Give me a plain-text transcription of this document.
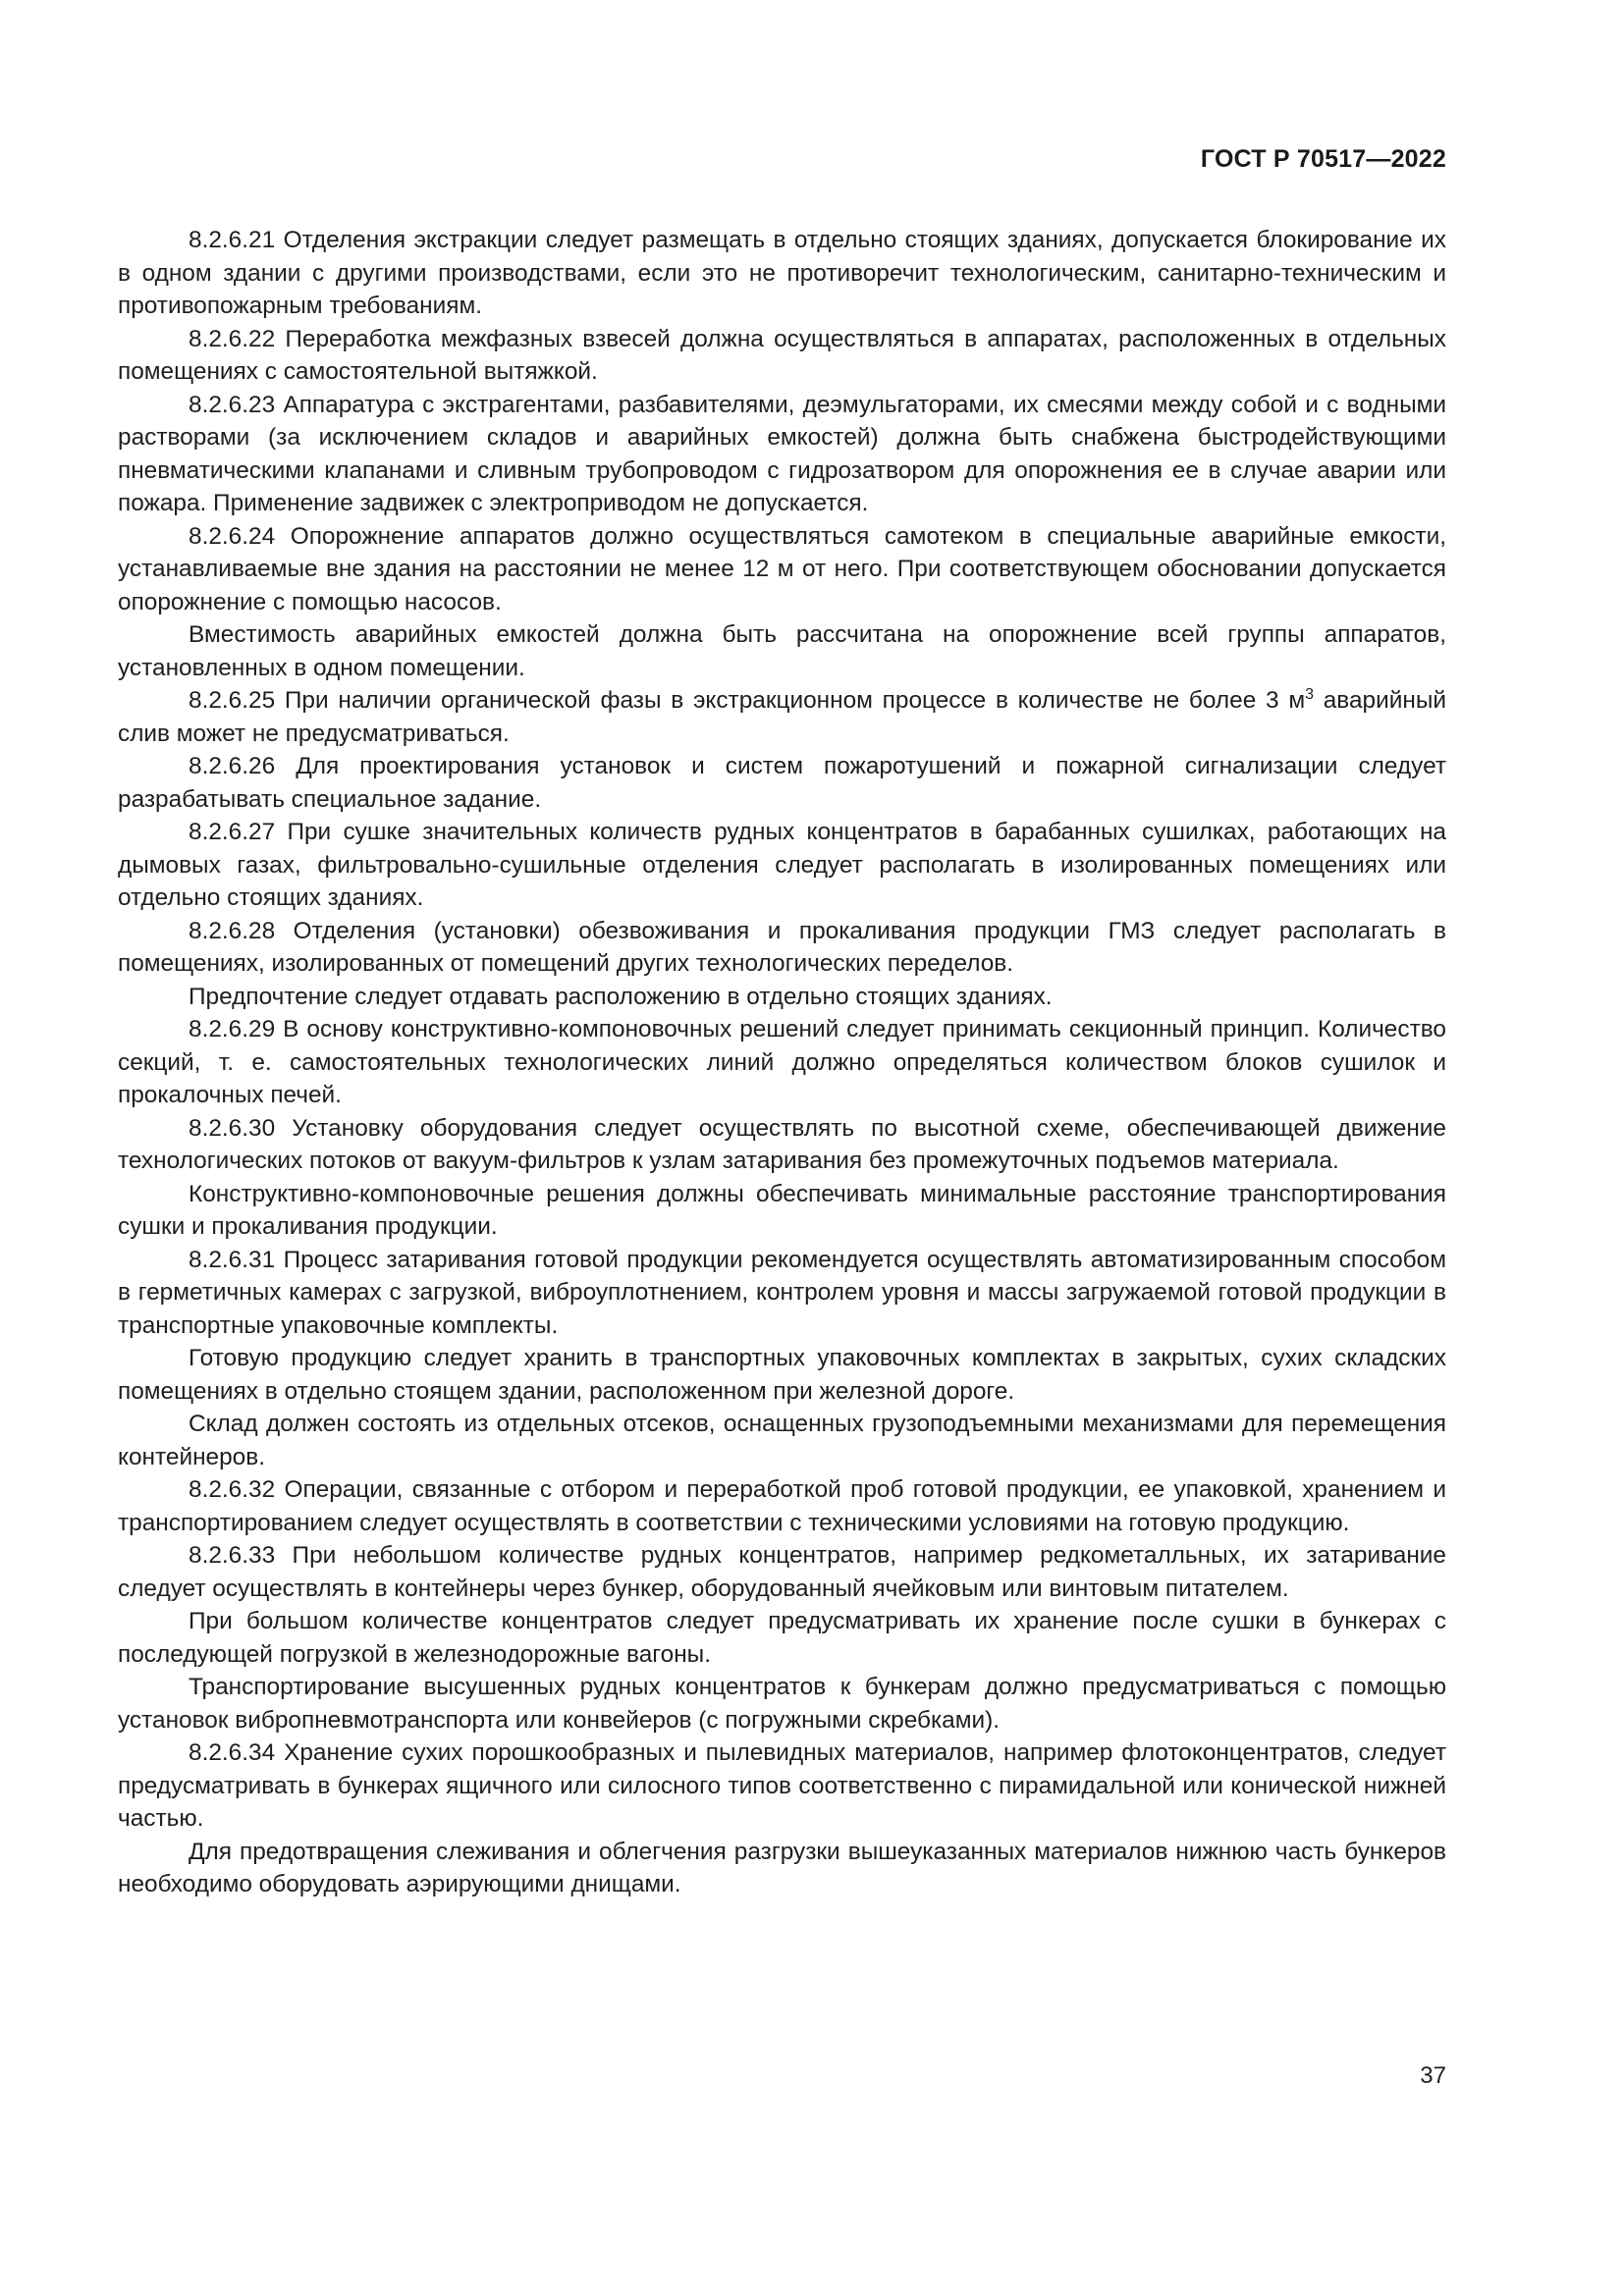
ГОСТ Р 70517—2022

8.2.6.21 Отделения экстракции следует размещать в отдельно стоящих зданиях, допускается блокирование их в одном здании с другими производствами, если это не противоречит технологическим, санитарно-техническим и противопожарным требованиям.

8.2.6.22 Переработка межфазных взвесей должна осуществляться в аппаратах, расположенных в отдельных помещениях с самостоятельной вытяжкой.

8.2.6.23 Аппаратура с экстрагентами, разбавителями, деэмульгаторами, их смесями между собой и с водными растворами (за исключением складов и аварийных емкостей) должна быть снабжена быстродействующими пневматическими клапанами и сливным трубопроводом с гидрозатвором для опорожнения ее в случае аварии или пожара. Применение задвижек с электроприводом не допускается.

8.2.6.24 Опорожнение аппаратов должно осуществляться самотеком в специальные аварийные емкости, устанавливаемые вне здания на расстоянии не менее 12 м от него. При соответствующем обосновании допускается опорожнение с помощью насосов.

Вместимость аварийных емкостей должна быть рассчитана на опорожнение всей группы аппаратов, установленных в одном помещении.

8.2.6.25 При наличии органической фазы в экстракционном процессе в количестве не более 3 $м^3$ аварийный слив может не предусматриваться.

8.2.6.26 Для проектирования установок и систем пожаротушений и пожарной сигнализации следует разрабатывать специальное задание.

8.2.6.27 При сушке значительных количеств рудных концентратов в барабанных сушилках, работающих на дымовых газах, фильтровально-сушильные отделения следует располагать в изолированных помещениях или отдельно стоящих зданиях.

8.2.6.28 Отделения (установки) обезвоживания и прокаливания продукции ГМЗ следует располагать в помещениях, изолированных от помещений других технологических переделов.

Предпочтение следует отдавать расположению в отдельно стоящих зданиях.

8.2.6.29 В основу конструктивно-компоновочных решений следует принимать секционный принцип. Количество секций, т. е. самостоятельных технологических линий должно определяться количеством блоков сушилок и прокалочных печей.

8.2.6.30 Установку оборудования следует осуществлять по высотной схеме, обеспечивающей движение технологических потоков от вакуум-фильтров к узлам затаривания без промежуточных подъемов материала.

Конструктивно-компоновочные решения должны обеспечивать минимальные расстояние транспортирования сушки и прокаливания продукции.

8.2.6.31 Процесс затаривания готовой продукции рекомендуется осуществлять автоматизированным способом в герметичных камерах с загрузкой, виброуплотнением, контролем уровня и массы загружаемой готовой продукции в транспортные упаковочные комплекты.

Готовую продукцию следует хранить в транспортных упаковочных комплектах в закрытых, сухих складских помещениях в отдельно стоящем здании, расположенном при железной дороге.

Склад должен состоять из отдельных отсеков, оснащенных грузоподъемными механизмами для перемещения контейнеров.

8.2.6.32 Операции, связанные с отбором и переработкой проб готовой продукции, ее упаковкой, хранением и транспортированием следует осуществлять в соответствии с техническими условиями на готовую продукцию.

8.2.6.33 При небольшом количестве рудных концентратов, например редкометалльных, их затаривание следует осуществлять в контейнеры через бункер, оборудованный ячейковым или винтовым питателем.

При большом количестве концентратов следует предусматривать их хранение после сушки в бункерах с последующей погрузкой в железнодорожные вагоны.

Транспортирование высушенных рудных концентратов к бункерам должно предусматриваться с помощью установок вибропневмотранспорта или конвейеров (с погружными скребками).

8.2.6.34 Хранение сухих порошкообразных и пылевидных материалов, например флотоконцентратов, следует предусматривать в бункерах ящичного или силосного типов соответственно с пирамидальной или конической нижней частью.

Для предотвращения слеживания и облегчения разгрузки вышеуказанных материалов нижнюю часть бункеров необходимо оборудовать аэрирующими днищами.

37
